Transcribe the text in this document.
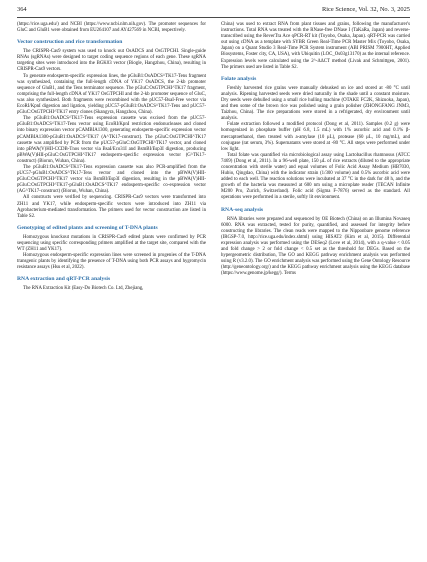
364	Rice Science, Vol. 32, No. 3, 2025

(https://rice.uga.edu/) and NCBI (https://www.ncbi.nlm.nih.gov). The promoter sequences for GluC and GluB1 were obtained from EU264107 and AY427569 in NCBI, respectively.

Vector construction and rice transformation

The CRISPR-Cas9 system was used to knock out OsADCS and OsGTPCHI. Single-guide RNAs (sgRNAs) were designed to target coding sequence regions of each gene. These sgRNA targeting sites were introduced into the BGK03 vector (Biogle, Hangzhou, China), resulting in CRISPR-Cas9 vectors.

To generate endosperm-specific expression lines, the pGluB1:OsADCS^TK17-Tens fragment was synthesized, containing the full-length cDNA of YK17 OsADCS, the 2-kb promoter sequence of GluB1, and the Tens terminator sequence. The pGluC:OsGTPCHI^TK17 fragment, comprising the full-length cDNA of YK17 OsGTPCHI and the 2-kb promoter sequence of GluC, was also synthesized. Both fragments were recombined with the pUC57-BsaI-Free vector via EcoRI/KpnI digestion and ligation, yielding pUC57-pGluB1:OsADCS^TK17-Tens and pUC57-pGluC:OsGTPCHI^TK17 entry clones (Skangyra, Hangzhou, China).

The pGluB1:OsADCS^TK17-Tens expression cassette was excised from the pUC57-pGluB1:OsADCS^TK17-Tens vector using EcoRI/KpnI restriction endonucleases and cloned into binary expression vector pCAMBIA1300, generating endosperm-specific expression vector pCAMBIA1300-pGluB1:OsADCS^TK17 (A^TK17-construct). The pGluC:OsGTPCHI^TK17 cassette was amplified by PCR from the pUC57-pGluC:OsGTPCHI^TK17 vector, and cloned into pBWA(V)HII-CCDB-Tnos vector via BsaI/Eco31I and BsmBI/Esp3I digestion, producing pBWA(V)HII-pGluC:OsGTPCHI^TK17 endosperm-specific expression vector (G^TK17-construct) (Biorun, Wuhan, China).

The pGluB1:OsADCS^TK17-Tens expression cassette was also PCR-amplified from the pUC57-pGluB1:OsADCS^TK17-Tens vector and cloned into the pBWA(V)HII-pGluC:OsGTPCHI^TK17 vector via BsmBI/Esp3I digestion, resulting in the pBWA(V)HII-pGluC:OsGTPCHI^TK17-pGluB1:OsADCS^TK17 endosperm-specific co-expression vector (AG^TK17-construct) (Biorun, Wuhan, China).

All constructs were verified by sequencing. CRISPR-Cas9 vectors were transformed into ZH11 and YK17, while endosperm-specific vectors were introduced into ZH11 via Agrobacterium-mediated transformation. The primers used for vector construction are listed in Table S2.

Genotyping of edited plants and screening of T-DNA plants

Homozygous knockout mutations in CRISPR-Cas9 edited plants were confirmed by PCR sequencing using specific corresponding primers amplified at the target site, compared with the WT (ZH11 and YK17).

Homozygous endosperm-specific expression lines were screened in progenies of the T-DNA transgenic plants by identifying the presence of T-DNA using both PCR assays and hygromycin resistance assays (Hsu et al, 2022).

RNA extraction and qRT-PCR analysis

The RNA Extraction Kit (Easy-Do Biotech Co. Ltd, Zhejiang,

China) was used to extract RNA from plant tissues and grains, following the manufacturer's instructions. Total RNA was treated with the RNase-free DNase I (TaKaRa, Japan) and reverse-transcribed using the ReverTra Ace qPCR-RT kit (Toyobo, Osaka, Japan). qRT-PCR was carried out using cDNA as a template with SYBR Green Real-Time PCR Master Mix (Toyobo, Osaka, Japan) on a Quant Studio 3 Real-Time PCR System instrument (ABI PRISM 7900HT, Applied Biosystems, Foster city, CA, USA), with Ubiquitin (LOC_Os03g13170) as the internal reference. Expression levels were calculated using the 2^-ΔΔCT method (Livak and Schmittgen, 2001). The primers used are listed in Table S2.

Folate analysis

Freshly harvested rice grains were manually dehusked on ice and stored at -80 °C until analysis. Ripening harvested seeds were dried naturally in the shade until a constant moisture. Dry seeds were dehulled using a small rice hulling machine (OTAKE FC2K, Shizuoka, Japan), and then some of the brown rice was polished using a grain polisher (ZHONGFANG JNM3, Taizhou, China). The rice preparations were stored in a refrigerated, dry environment until analysis.

Folate extraction followed a modified protocol (Dong et al, 2011). Samples (0.2 g) were homogenized in phosphate buffer (pH 6.8, 1.5 mL) with 1% ascorbic acid and 0.1% β-mercaptoethanol, then treated with a-amylase (10 μL), protease (60 μL, 10 mg/mL), and conjugase (rat serum, 3%). Supernatants were stored at -80 °C. All steps were performed under low light.

Total folate was quantified via microbiological assay using Lactobacillus rhamnosus (ATCC 7469) (Dong et al, 2011). In a 96-well plate, 150 μL of rice extracts (diluted to the appropriate concentration with sterile water) and equal volumes of Folic Acid Assay Medium (HB7030, Hubio, Qingdao, China) with the indicator strain (1/300 volume) and 0.5% ascorbic acid were added to each well. The reaction solutions were incubated at 37 °C in the dark for 48 h, and the growth of the bacteria was measured at 600 nm using a microplate reader (TECAN Infinite M200 Pro, Zurich, Switzerland). Folic acid (Sigma F-7876) served as the standard. All operations were performed in a sterile, softly lit environment.

RNA-seq analysis

RNA libraries were prepared and sequenced by OE Biotech (China) on an Illumina Novaseq 6000. RNA was extracted, tested for purity, quantified, and assessed for integrity before constructing the libraries. The clean reads were mapped to the Nipponbare genome reference (IRGSP-7.0, http://rice.uga.edu/index.shtml) using HISAT2 (Kim et al, 2015). Differential expression analysis was performed using the DESeq2 (Love et al, 2014), with a q-value < 0.05 and fold change > 2 or fold change < 0.5 set as the threshold for DEGs. Based on the hypergeometric distribution, The GO and KEGG pathway enrichment analysis was performed using R (v3.2.0). The GO enrichment analysis was performed using the Gene Ontology Resource (http://geneontology.org/) and the KEGG pathway enrichment analysis using the KEGG database (https://www.genome.jp/kegg/). Terms
